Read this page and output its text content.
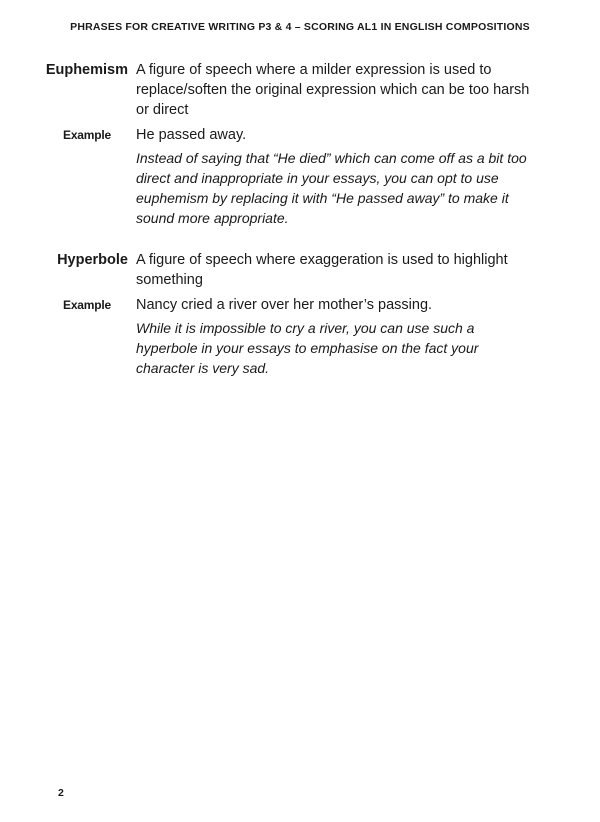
PHRASES FOR CREATIVE WRITING P3 & 4 – SCORING AL1 IN ENGLISH COMPOSITIONS
Euphemism A figure of speech where a milder expression is used to replace/soften the original expression which can be too harsh or direct
Example	He passed away.
Instead of saying that “He died” which can come off as a bit too direct and inappropriate in your essays, you can opt to use euphemism by replacing it with “He passed away” to make it sound more appropriate.
Hyperbole A figure of speech where exaggeration is used to highlight something
Example	Nancy cried a river over her mother’s passing.
While it is impossible to cry a river, you can use such a hyperbole in your essays to emphasise on the fact your character is very sad.
2
